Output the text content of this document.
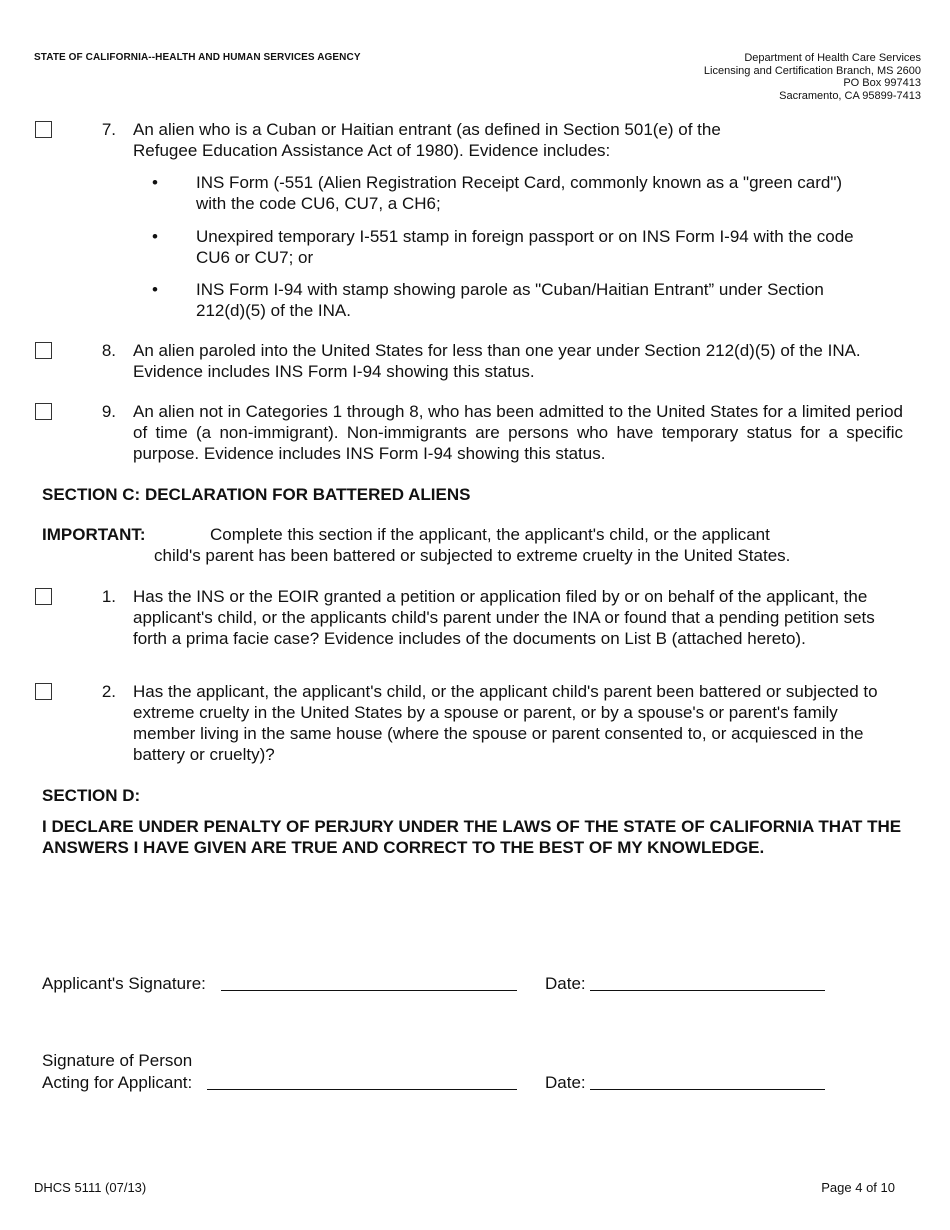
STATE OF CALIFORNIA--HEALTH AND HUMAN SERVICES AGENCY	Department of Health Care Services
Licensing and Certification Branch, MS 2600
PO Box 997413
Sacramento, CA 95899-7413
7. An alien who is a Cuban or Haitian entrant (as defined in Section 501(e) of the Refugee Education Assistance Act of 1980). Evidence includes:
•	INS Form (-551 (Alien Registration Receipt Card, commonly known as a "green card") with the code CU6, CU7, a CH6;
•	Unexpired temporary I-551 stamp in foreign passport or on INS Form I-94 with the code CU6 or CU7; or
•	INS Form I-94 with stamp showing parole as "Cuban/Haitian Entrant” under Section 212(d)(5) of the INA.
8. An alien paroled into the United States for less than one year under Section 212(d)(5) of the INA. Evidence includes INS Form I-94 showing this status.
9. An alien not in Categories 1 through 8, who has been admitted to the United States for a limited period of time (a non-immigrant). Non-immigrants are persons who have temporary status for a specific purpose. Evidence includes INS Form I-94 showing this status.
SECTION C: DECLARATION FOR BATTERED ALIENS
IMPORTANT:	Complete this section if the applicant, the applicant's child, or the applicant
child's parent has been battered or subjected to extreme cruelty in the United States.
1. Has the INS or the EOIR granted a petition or application filed by or on behalf of the applicant, the applicant's child, or the applicants child's parent under the INA or found that a pending petition sets forth a prima facie case? Evidence includes of the documents on List B (attached hereto).
2. Has the applicant, the applicant's child, or the applicant child's parent been battered or subjected to extreme cruelty in the United States by a spouse or parent, or by a spouse's or parent's family member living in the same house (where the spouse or parent consented to, or acquiesced in the battery or cruelty)?
SECTION D:
I DECLARE UNDER PENALTY OF PERJURY UNDER THE LAWS OF THE STATE OF CALIFORNIA THAT THE ANSWERS I HAVE GIVEN ARE TRUE AND CORRECT TO THE BEST OF MY KNOWLEDGE.
Applicant's Signature:	Date:
Signature of Person
Acting for Applicant:	Date:
DHCS 5111 (07/13)	Page 4 of 10
